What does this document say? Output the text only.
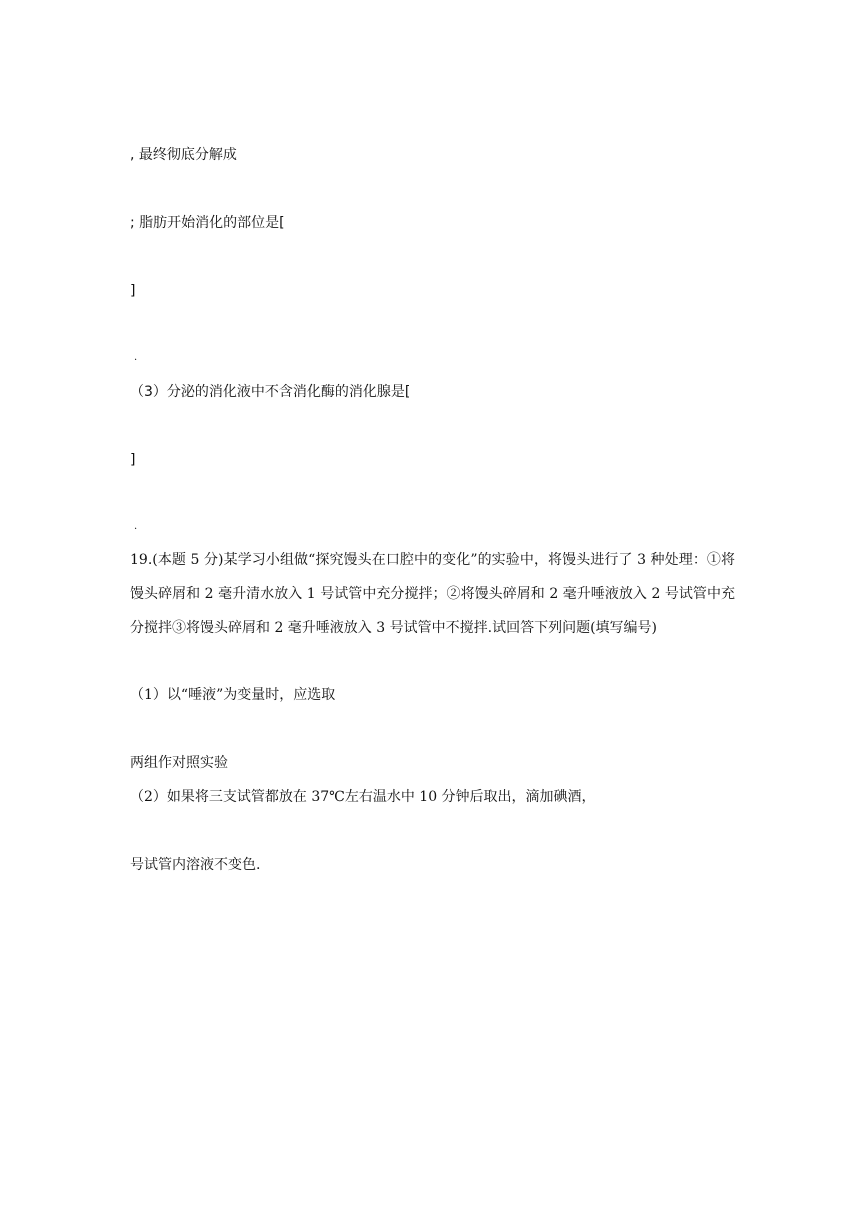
, 最终彻底分解成
; 脂肪开始消化的部位是[
]
.
（3）分泌的消化液中不含消化酶的消化腺是[
]
.
19.(本题 5 分)某学习小组做“探究馒头在口腔中的变化”的实验中，将馒头进行了 3 种处理：①将馒头碎屑和 2 毫升清水放入 1 号试管中充分搅拌；②将馒头碎屑和 2 毫升唾液放入 2 号试管中充分搅拌③将馒头碎屑和 2 毫升唾液放入 3 号试管中不搅拌.试回答下列问题(填写编号)
（1）以“唾液”为变量时，应选取
两组作对照实验
（2）如果将三支试管都放在 37℃左右温水中 10 分钟后取出，滴加碘酒，
号试管内溶液不变色.
